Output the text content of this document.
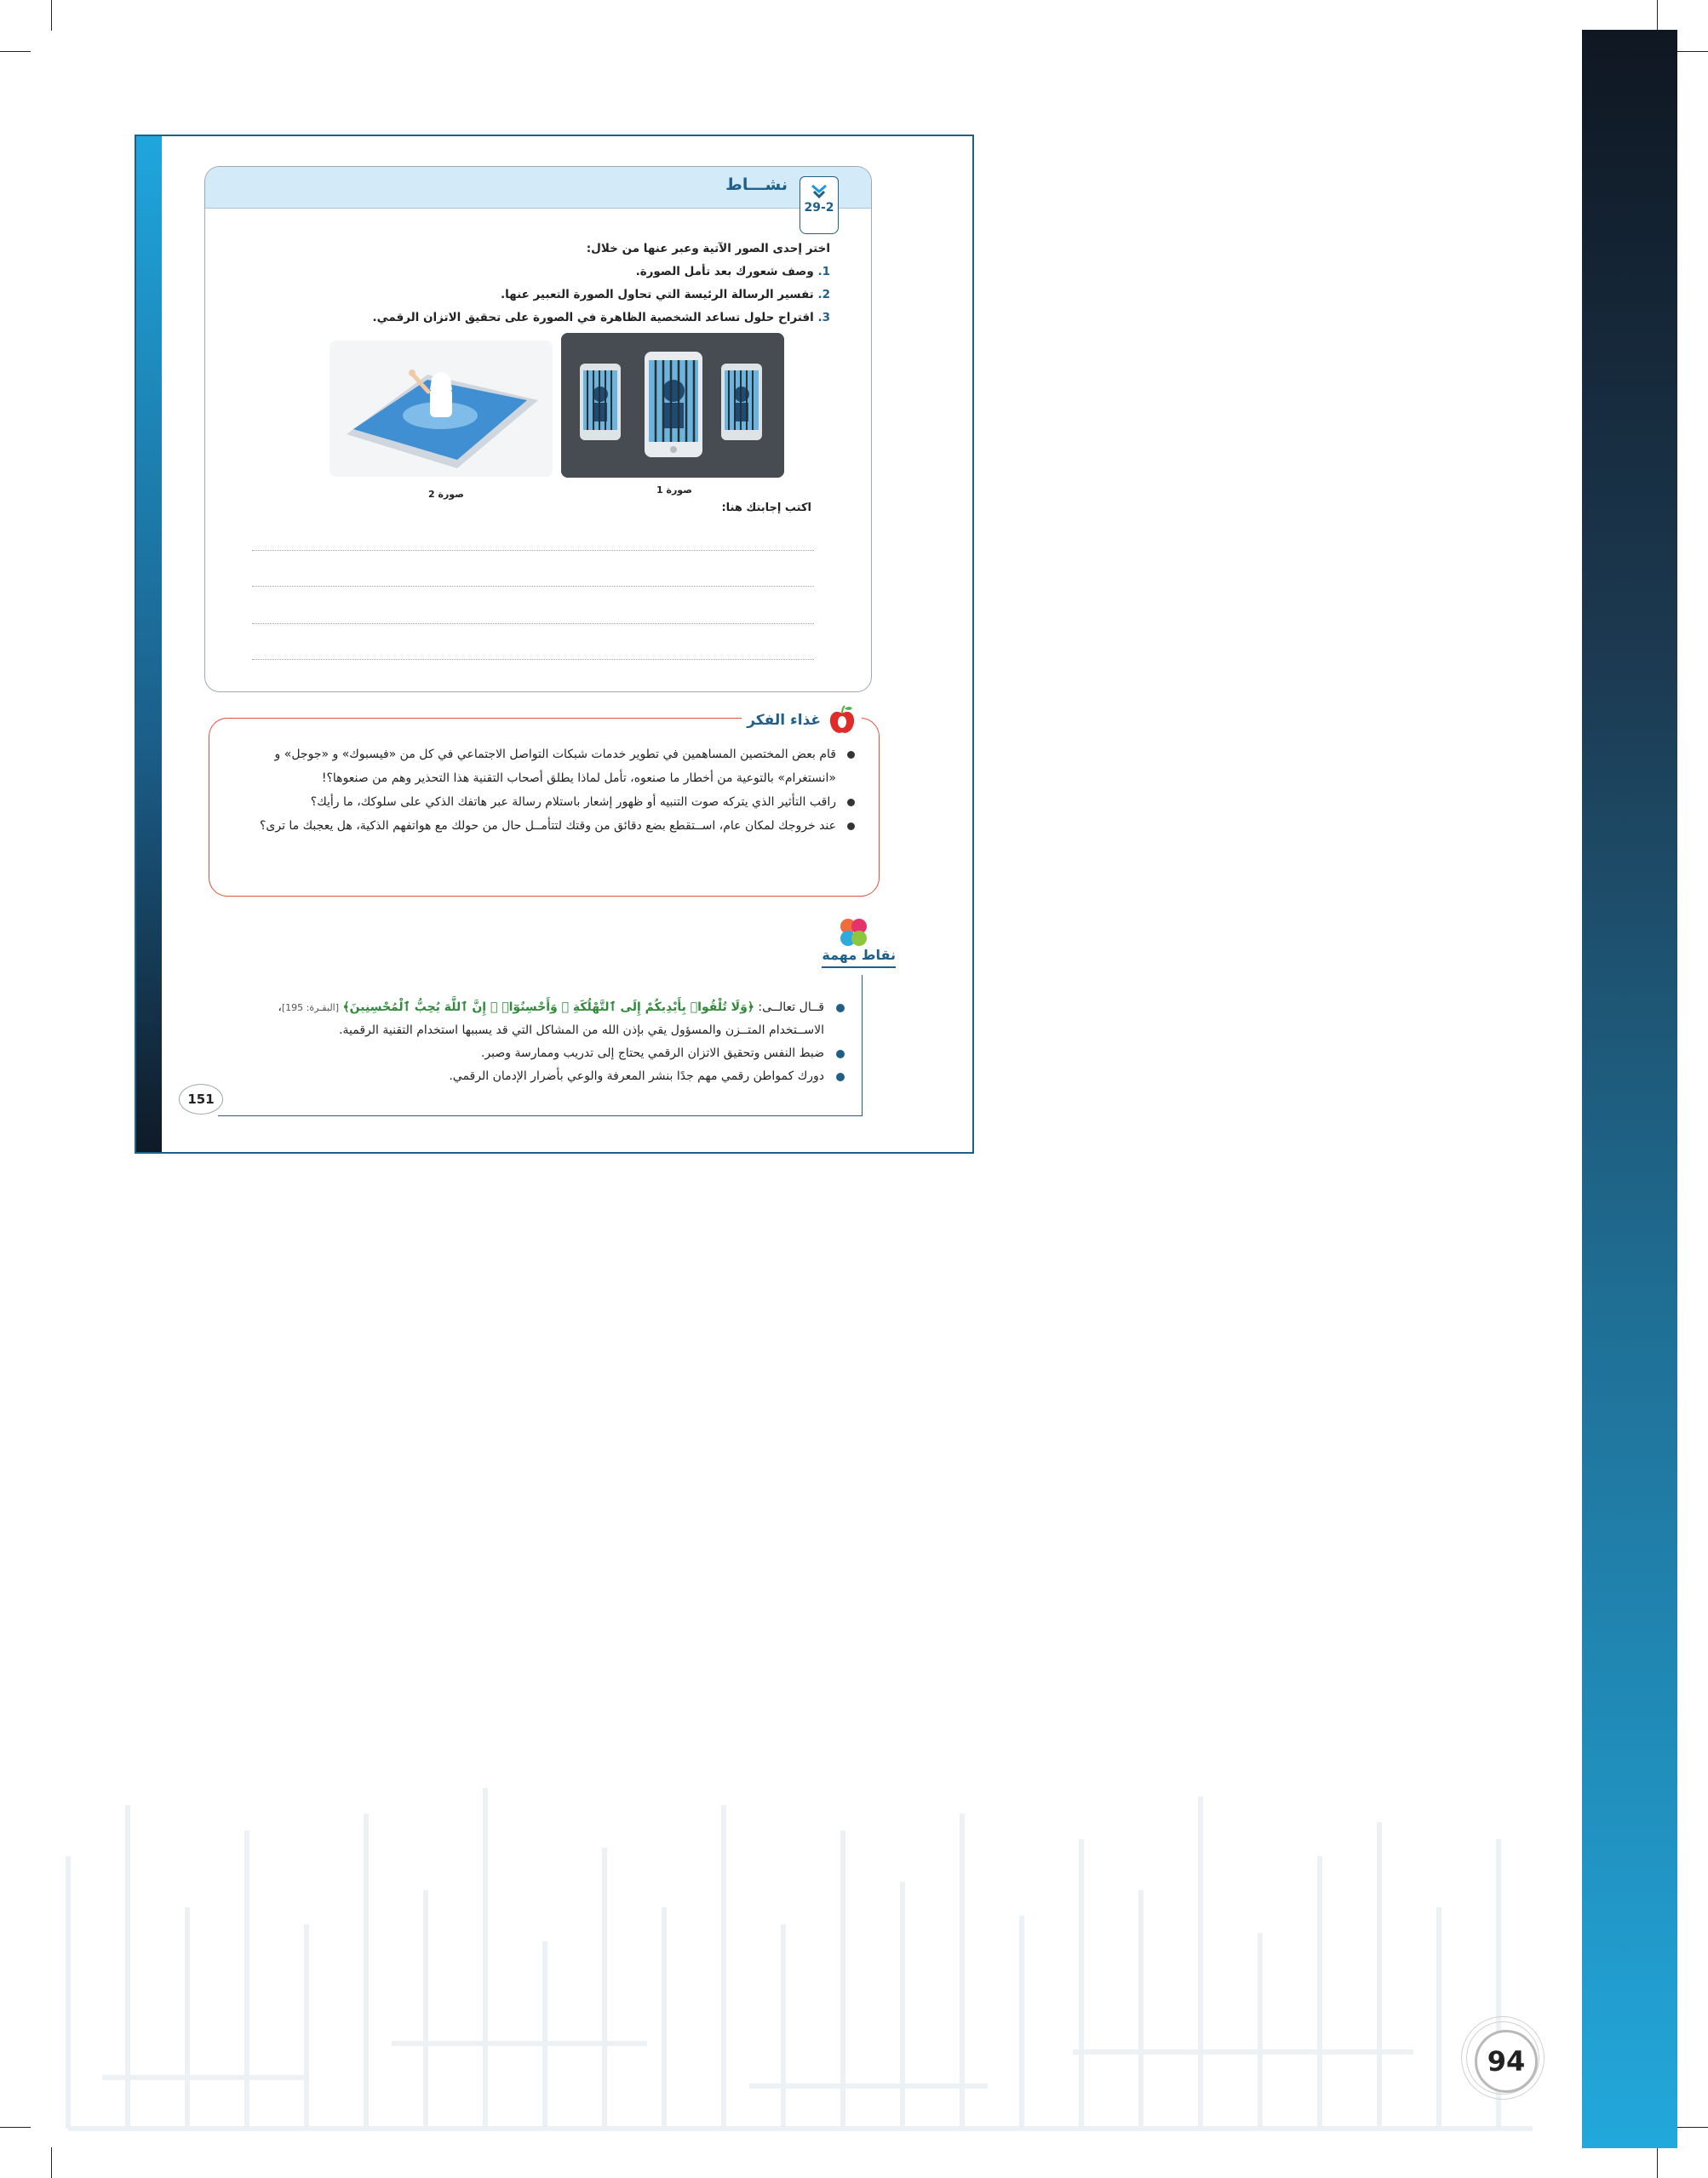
94
نشـــاط
اختر إحدى الصور الآتية وعبر عنها من خلال:
1. وصف شعورك بعد تأمل الصورة.
2. تفسير الرسالة الرئيسة التي تحاول الصورة التعبير عنها.
3. اقتراح حلول تساعد الشخصية الظاهرة في الصورة على تحقيق الاتزان الرقمي.
صورة 1
صورة 2
اكتب إجابتك هنا:
29-2
غذاء الفكر
قام بعض المختصين المساهمين في تطوير خدمات شبكات التواصل الاجتماعي في كل من «فيسبوك» و «جوجل» و «انستغرام» بالتوعية من أخطار ما صنعوه، تأمل لماذا يطلق أصحاب التقنية هذا التحذير وهم من صنعوها؟!
راقب التأثير الذي يتركه صوت التنبيه أو ظهور إشعار باستلام رسالة عبر هاتفك الذكي على سلوكك، ما رأيك؟
عند خروجك لمكان عام، اســتقطع بضع دقائق من وقتك لتتأمــل حال من حولك مع هواتفهم الذكية، هل يعجبك ما ترى؟
نقاط مهمة
قــال تعالــى: ﴿وَلَا تُلْقُوا۟ بِأَيْدِيكُمْ إِلَى ٱلتَّهْلُكَةِ ۛ وَأَحْسِنُوٓا۟ ۛ إِنَّ ٱللَّهَ يُحِبُّ ٱلْمُحْسِنِينَ﴾ [البقـرة: 195]، الاســتخدام المتــزن والمسؤول يقي بإذن الله من المشاكل التي قد يسببها استخدام التقنية الرقمية.
ضبط النفس وتحقيق الاتزان الرقمي يحتاج إلى تدريب وممارسة وصبر.
دورك كمواطن رقمي مهم جدًا بنشر المعرفة والوعي بأضرار الإدمان الرقمي.
151
